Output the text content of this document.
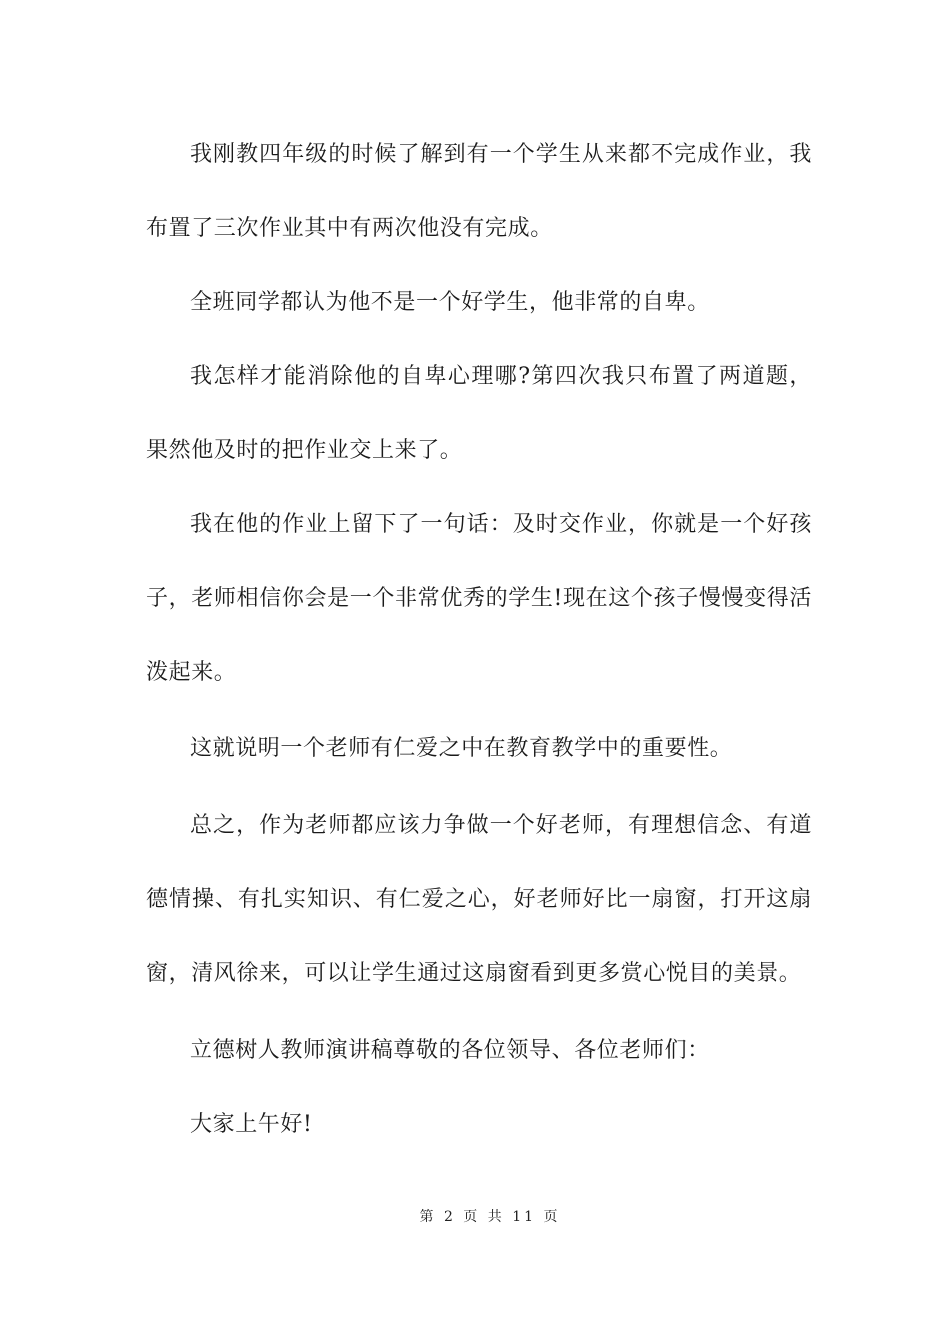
我刚教四年级的时候了解到有一个学生从来都不完成作业，我布置了三次作业其中有两次他没有完成。

全班同学都认为他不是一个好学生，他非常的自卑。

我怎样才能消除他的自卑心理哪?第四次我只布置了两道题，果然他及时的把作业交上来了。

我在他的作业上留下了一句话：及时交作业，你就是一个好孩子，老师相信你会是一个非常优秀的学生!现在这个孩子慢慢变得活泼起来。

这就说明一个老师有仁爱之中在教育教学中的重要性。

总之，作为老师都应该力争做一个好老师，有理想信念、有道德情操、有扎实知识、有仁爱之心，好老师好比一扇窗，打开这扇窗，清风徐来，可以让学生通过这扇窗看到更多赏心悦目的美景。

立德树人教师演讲稿尊敬的各位领导、各位老师们：

大家上午好!

第 2 页 共 11 页
